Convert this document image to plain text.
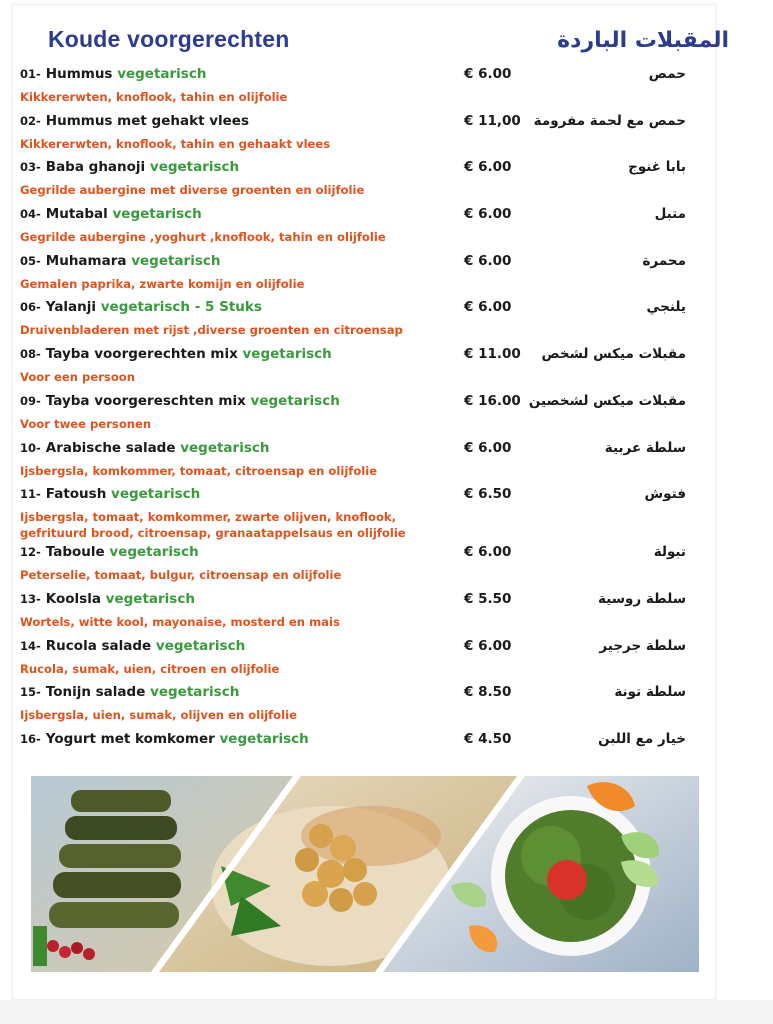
Koude voorgerechten	المقبلات الباردة
01- Hummus vegetarisch
Kikkererwten, knoflook, tahin en olijfolie
€ 6.00	حمص
02- Hummus met gehakt vlees
Kikkererwten, knoflook, tahin en gehaakt vlees
€ 11,00 حمص مع لحمة مفرومة
03- Baba ghanoji vegetarisch
Gegrilde aubergine met diverse groenten en olijfolie
€ 6.00	بابا غنوج
04- Mutabal vegetarisch
Gegrilde aubergine ,yoghurt ,knoflook, tahin en olijfolie
€ 6.00	متبل
05- Muhamara vegetarisch
Gemalen paprika, zwarte komijn en olijfolie
€ 6.00	محمرة
06- Yalanji vegetarisch - 5 Stuks
Druivenbladeren met rijst ,diverse groenten en citroensap
€ 6.00	يلنجي
08- Tayba voorgerechten mix vegetarisch
Voor een persoon
€ 11.00 مقبلات ميكس لشخص
09- Tayba voorgereschten mix vegetarisch
Voor twee personen
€ 16.00 مقبلات ميكس لشخصين
10- Arabische salade vegetarisch
Ijsbergsla, komkommer, tomaat, citroensap en olijfolie
€ 6.00	سلطة عربية
11- Fatoush vegetarisch
Ijsbergsla, tomaat, komkommer, zwarte olijven, knoflook,
gefrituurd brood, citroensap, granaatappelsaus en olijfolie
€ 6.50	فتوش
12- Taboule vegetarisch
Peterselie, tomaat, bulgur, citroensap en olijfolie
€ 6.00	تبولة
13- Koolsla vegetarisch
Wortels, witte kool, mayonaise, mosterd en mais
€ 5.50	سلطة روسية
14- Rucola salade vegetarisch
Rucola, sumak, uien, citroen en olijfolie
€ 6.00	سلطة جرجير
15- Tonijn salade vegetarisch
Ijsbergsla, uien, sumak, olijven en olijfolie
€ 8.50	سلطة تونة
16- Yogurt met komkomer vegetarisch	€ 4.50	خيار مع اللبن
